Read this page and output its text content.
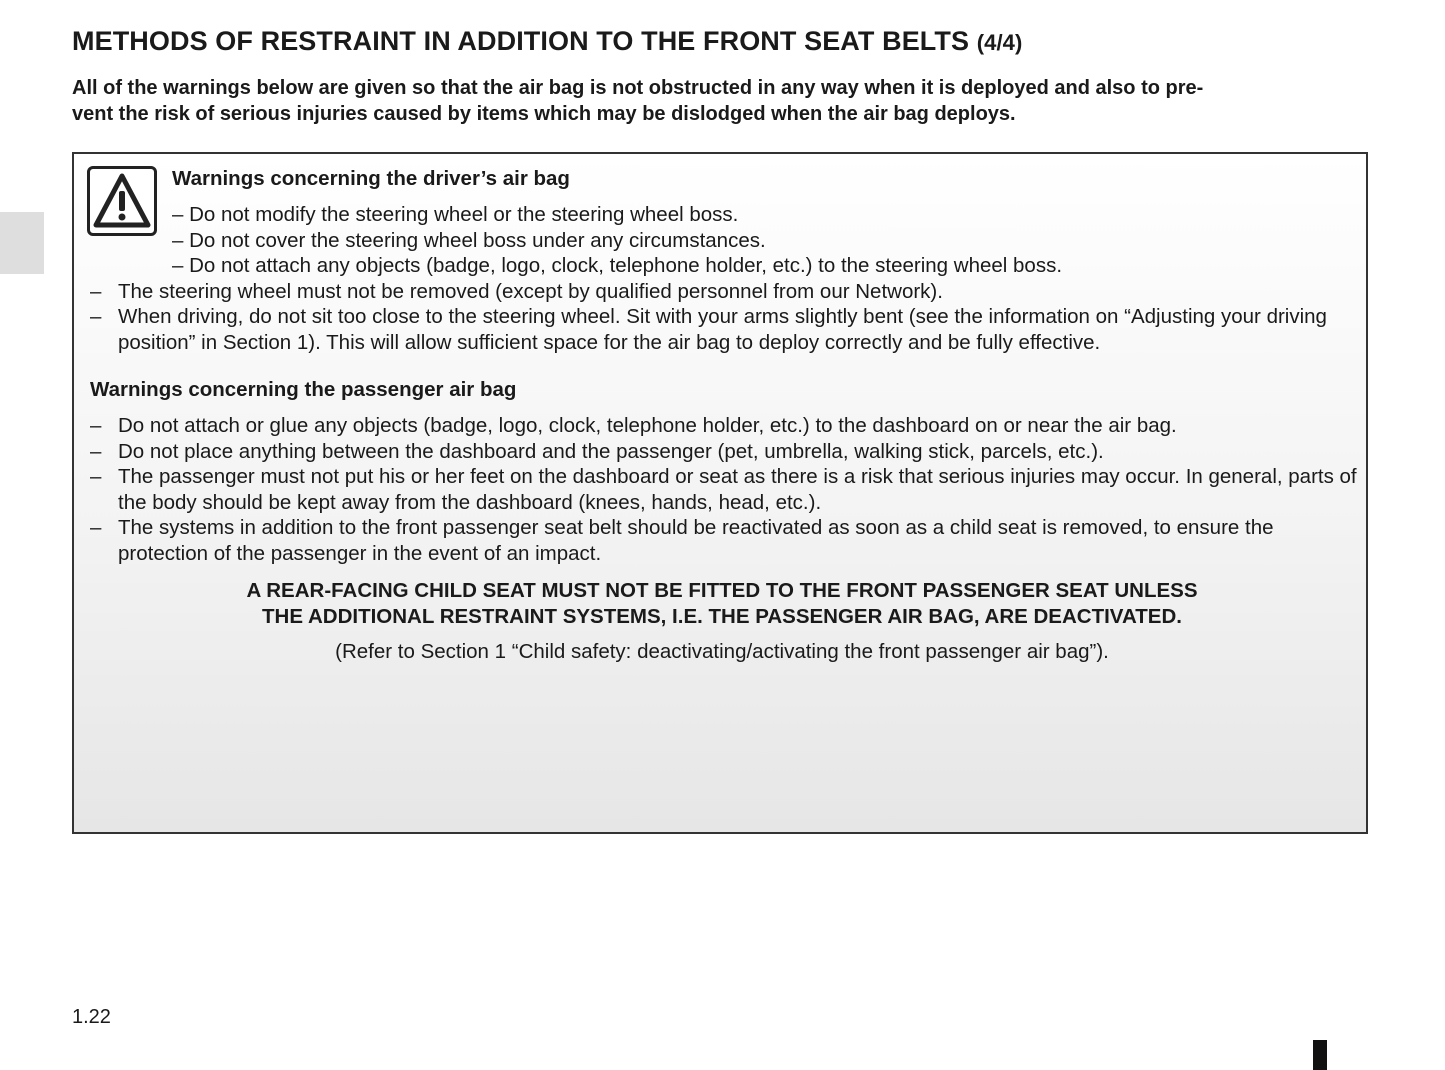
METHODS OF RESTRAINT IN ADDITION TO THE FRONT SEAT BELTS (4/4)

All of the warnings below are given so that the air bag is not obstructed in any way when it is deployed and also to pre-
vent the risk of serious injuries caused by items which may be dislodged when the air bag deploys.

Warnings concerning the driver’s air bag
– Do not modify the steering wheel or the steering wheel boss.
– Do not cover the steering wheel boss under any circumstances.
– Do not attach any objects (badge, logo, clock, telephone holder, etc.) to the steering wheel boss.
– The steering wheel must not be removed (except by qualified personnel from our Network).
– When driving, do not sit too close to the steering wheel. Sit with your arms slightly bent (see the information on “Adjusting your driving position” in Section 1). This will allow sufficient space for the air bag to deploy correctly and be fully effective.
Warnings concerning the passenger air bag
– Do not attach or glue any objects (badge, logo, clock, telephone holder, etc.) to the dashboard on or near the air bag.
– Do not place anything between the dashboard and the passenger (pet, umbrella, walking stick, parcels, etc.).
– The passenger must not put his or her feet on the dashboard or seat as there is a risk that serious injuries may occur. In general, parts of the body should be kept away from the dashboard (knees, hands, head, etc.).
– The systems in addition to the front passenger seat belt should be reactivated as soon as a child seat is removed, to ensure the protection of the passenger in the event of an impact.
A REAR-FACING CHILD SEAT MUST NOT BE FITTED TO THE FRONT PASSENGER SEAT UNLESS
THE ADDITIONAL RESTRAINT SYSTEMS, I.E. THE PASSENGER AIR BAG, ARE DEACTIVATED.
(Refer to Section 1 “Child safety: deactivating/activating the front passenger air bag”).
1.22
